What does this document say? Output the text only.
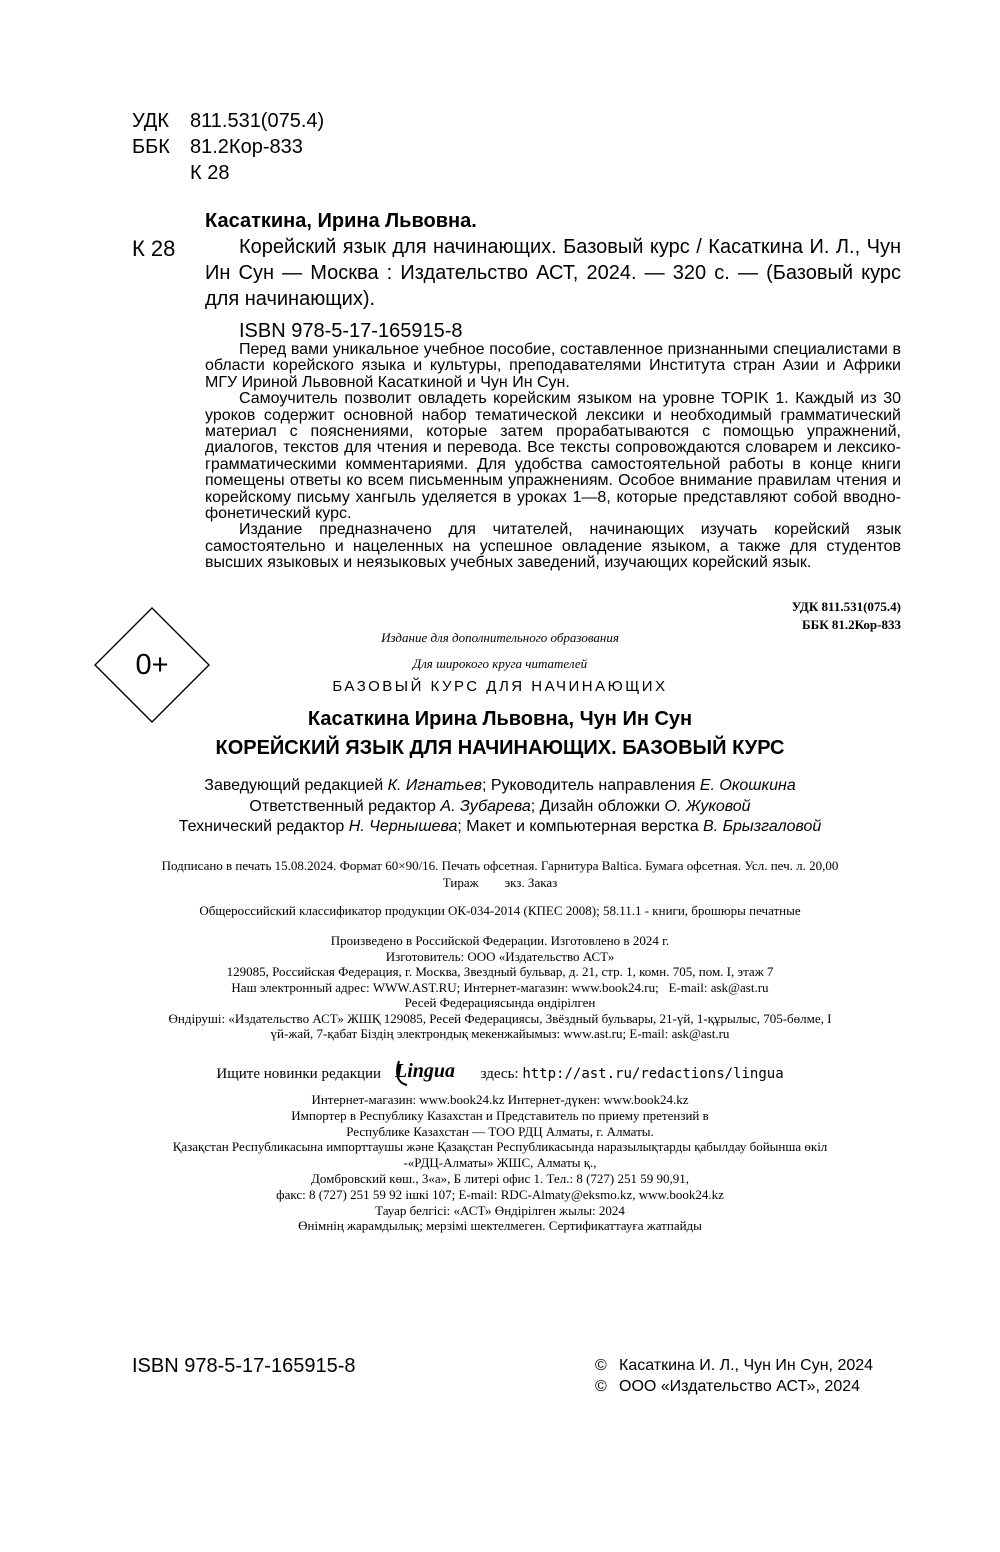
УДК 811.531(075.4)
ББК 81.2Кор-833
К 28
Касаткина, Ирина Львовна.
К 28	Корейский язык для начинающих. Базовый курс / Касаткина И. Л., Чун Ин Сун — Москва : Издательство АСТ, 2024. — 320 с. — (Базовый курс для начинающих).

ISBN 978-5-17-165915-8

Перед вами уникальное учебное пособие, составленное признанными специалистами в области корейского языка и культуры, преподавателями Института стран Азии и Африки МГУ Ириной Львовной Касаткиной и Чун Ин Сун.

Самоучитель позволит овладеть корейским языком на уровне TOPIK 1. Каждый из 30 уроков содержит основной набор тематической лексики и необходимый грамматический материал с пояснениями, которые затем прорабатываются с помощью упражнений, диалогов, текстов для чтения и перевода. Все тексты сопровождаются словарем и лексико-грамматическими комментариями. Для удобства самостоятельной работы в конце книги помещены ответы ко всем письменным упражнениям. Особое внимание правилам чтения и корейскому письму хангыль уделяется в уроках 1—8, которые представляют собой вводно-фонетический курс.

Издание предназначено для читателей, начинающих изучать корейский язык самостоятельно и нацеленных на успешное овладение языком, а также для студентов высших языковых и неязыковых учебных заведений, изучающих корейский язык.

УДК 811.531(075.4)
ББК 81.2Кор-833
0+
Издание для дополнительного образования
Для широкого круга читателей
БАЗОВЫЙ КУРС ДЛЯ НАЧИНАЮЩИХ
Касаткина Ирина Львовна, Чун Ин Сун
КОРЕЙСКИЙ ЯЗЫК ДЛЯ НАЧИНАЮЩИХ. БАЗОВЫЙ КУРС
Заведующий редакцией К. Игнатьев; Руководитель направления Е. Окошкина
Ответственный редактор А. Зубарева; Дизайн обложки О. Жуковой
Технический редактор Н. Чернышева; Макет и компьютерная верстка В. Брызгаловой
Подписано в печать 15.08.2024. Формат 60×90/16. Печать офсетная. Гарнитура Baltica. Бумага офсетная. Усл. печ. л. 20,00
Тираж        экз. Заказ
Общероссийский классификатор продукции ОК-034-2014 (КПЕС 2008); 58.11.1 - книги, брошюры печатные
Произведено в Российской Федерации. Изготовлено в 2024 г.
Изготовитель: ООО «Издательство АСТ»
129085, Российская Федерация, г. Москва, Звездный бульвар, д. 21, стр. 1, комн. 705, пом. I, этаж 7
Наш электронный адрес: WWW.AST.RU; Интернет-магазин: www.book24.ru;   E-mail: ask@ast.ru
Ресей Федерациясында өндірілген
Өндіруші: «Издательство АСТ» ЖШҚ 129085, Ресей Федерациясы, Звёздный бульвары, 21-үй, 1-құрылыс, 705-бөлме, I
үй-жай, 7-қабат Біздің электрондық мекенжайымыз: www.ast.ru; E-mail: ask@ast.ru
Ищите новинки редакции Lingua здесь: http://ast.ru/redactions/lingua
Интернет-магазин: www.book24.kz Интернет-дүкен: www.book24.kz
Импортер в Республику Казахстан и Представитель по приему претензий в
Республике Казахстан — ТОО РДЦ Алматы, г. Алматы.
Қазақстан Республикасына импорттаушы және Қазақстан Республикасында наразылықтарды қабылдау бойынша өкіл
-«РДЦ-Алматы» ЖШС, Алматы қ.,
Домбровский көш., 3«а», Б литері офис 1. Тел.: 8 (727) 251 59 90,91,
факс: 8 (727) 251 59 92 ішкі 107; E-mail: RDC-Almaty@eksmo.kz, www.book24.kz
Тауар белгісі: «АСТ» Өндірілген жылы: 2024
Өнімнің жарамдылық; мерзімі шектелмеген. Сертификаттауға жатпайды
ISBN 978-5-17-165915-8	© Касаткина И. Л., Чун Ин Сун, 2024
© ООО «Издательство АСТ», 2024
